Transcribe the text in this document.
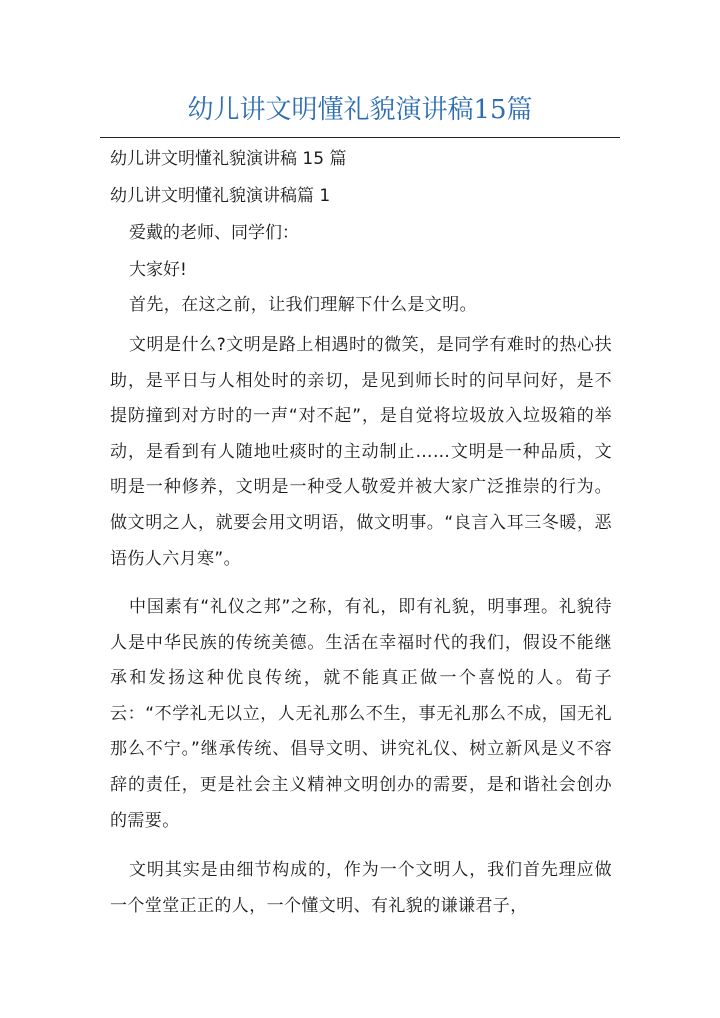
幼儿讲文明懂礼貌演讲稿15篇
幼儿讲文明懂礼貌演讲稿 15 篇
幼儿讲文明懂礼貌演讲稿篇 1
爱戴的老师、同学们：
大家好!
首先，在这之前，让我们理解下什么是文明。
文明是什么?文明是路上相遇时的微笑，是同学有难时的热心扶助，是平日与人相处时的亲切，是见到师长时的问早问好，是不提防撞到对方时的一声“对不起”，是自觉将垃圾放入垃圾箱的举动，是看到有人随地吐痰时的主动制止……文明是一种品质，文明是一种修养，文明是一种受人敬爱并被大家广泛推崇的行为。做文明之人，就要会用文明语，做文明事。“良言入耳三冬暖，恶语伤人六月寒”。
中国素有“礼仪之邦”之称，有礼，即有礼貌，明事理。礼貌待人是中华民族的传统美德。生活在幸福时代的我们，假设不能继承和发扬这种优良传统，就不能真正做一个喜悦的人。荀子云：“不学礼无以立，人无礼那么不生，事无礼那么不成，国无礼那么不宁。”继承传统、倡导文明、讲究礼仪、树立新风是义不容辞的责任，更是社会主义精神文明创办的需要，是和谐社会创办的需要。
文明其实是由细节构成的，作为一个文明人，我们首先理应做一个堂堂正正的人，一个懂文明、有礼貌的谦谦君子，
